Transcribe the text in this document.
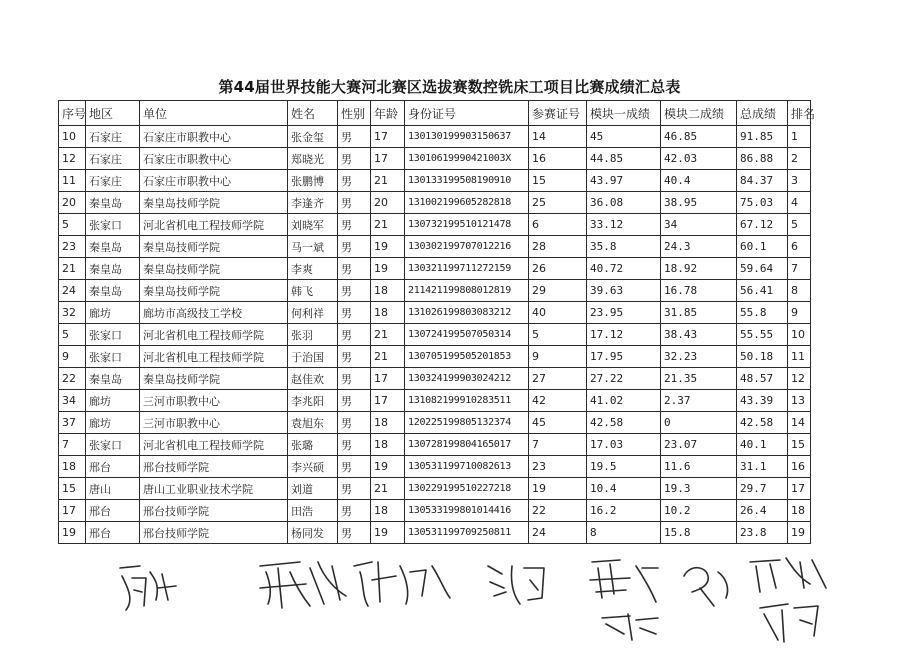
第44届世界技能大赛河北赛区选拔赛数控铣床工项目比赛成绩汇总表
序号	地区	单位	姓名	性别	年龄	身份证号	参赛证号	模块一成绩	模块二成绩	总成绩	排名
10	石家庄	石家庄市职教中心	张金玺	男	17	130130199903150637	14	45	46.85	91.85	1
12	石家庄	石家庄市职教中心	郑晓光	男	17	13010619990421003X	16	44.85	42.03	86.88	2
11	石家庄	石家庄市职教中心	张鹏博	男	21	130133199508190910	15	43.97	40.4	84.37	3
20	秦皇岛	秦皇岛技师学院	李逢齐	男	20	131002199605282818	25	36.08	38.95	75.03	4
5	张家口	河北省机电工程技师学院	刘晓军	男	21	130732199510121478	6	33.12	34	67.12	5
23	秦皇岛	秦皇岛技师学院	马一斌	男	19	130302199707012216	28	35.8	24.3	60.1	6
21	秦皇岛	秦皇岛技师学院	李爽	男	19	130321199711272159	26	40.72	18.92	59.64	7
24	秦皇岛	秦皇岛技师学院	韩飞	男	18	211421199808012819	29	39.63	16.78	56.41	8
32	廊坊	廊坊市高级技工学校	何利祥	男	18	131026199803083212	40	23.95	31.85	55.8	9
5	张家口	河北省机电工程技师学院	张羽	男	21	130724199507050314	5	17.12	38.43	55.55	10
9	张家口	河北省机电工程技师学院	于治国	男	21	130705199505201853	9	17.95	32.23	50.18	11
22	秦皇岛	秦皇岛技师学院	赵佳欢	男	17	130324199903024212	27	27.22	21.35	48.57	12
34	廊坊	三河市职教中心	李兆阳	男	17	131082199910283511	42	41.02	2.37	43.39	13
37	廊坊	三河市职教中心	袁旭东	男	18	120225199805132374	45	42.58	0	42.58	14
7	张家口	河北省机电工程技师学院	张璐	男	18	130728199804165017	7	17.03	23.07	40.1	15
18	邢台	邢台技师学院	李兴硕	男	19	130531199710082613	23	19.5	11.6	31.1	16
15	唐山	唐山工业职业技术学院	刘道	男	21	130229199510227218	19	10.4	19.3	29.7	17
17	邢台	邢台技师学院	田浩	男	18	130533199801014416	22	16.2	10.2	26.4	18
19	邢台	邢台技师学院	杨同发	男	19	130531199709250811	24	8	15.8	23.8	19
